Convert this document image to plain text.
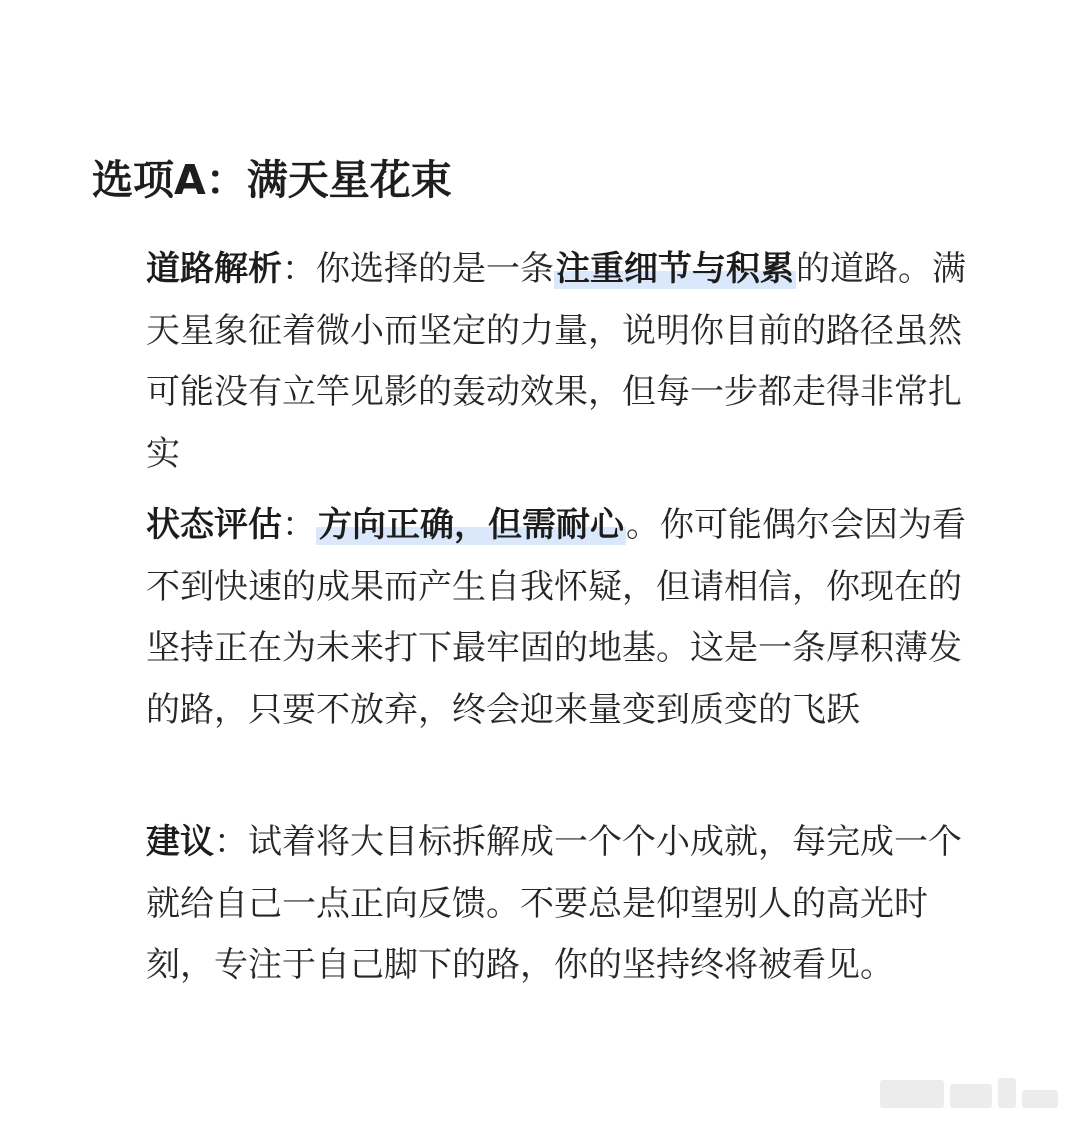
选项A：满天星花束

道路解析：你选择的是一条注重细节与积累的道路。满天星象征着微小而坚定的力量，说明你目前的路径虽然可能没有立竿见影的轰动效果，但每一步都走得非常扎实

状态评估：方向正确，但需耐心。你可能偶尔会因为看不到快速的成果而产生自我怀疑，但请相信，你现在的坚持正在为未来打下最牢固的地基。这是一条厚积薄发的路，只要不放弃，终会迎来量变到质变的飞跃

建议：试着将大目标拆解成一个个小成就，每完成一个就给自己一点正向反馈。不要总是仰望别人的高光时刻，专注于自己脚下的路，你的坚持终将被看见。
